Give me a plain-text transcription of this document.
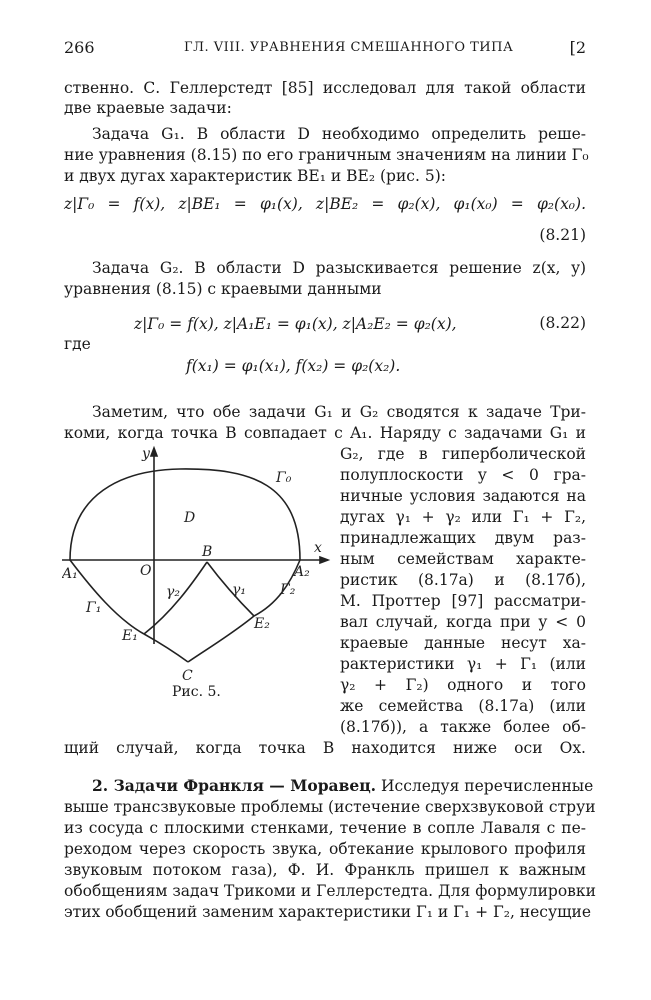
266	ГЛ. VIII. УРАВНЕНИЯ СМЕШАННОГО ТИПА	[2
ственно. С. Геллерстедт [85] исследовал для такой области
две краевые задачи:
Задача G₁. В области D необходимо определить реше-
ние уравнения (8.15) по его граничным значениям на линии Γ₀
и двух дугах характеристик BE₁ и BE₂ (рис. 5):
z|Γ₀ = f(x), z|BE₁ = φ₁(x), z|BE₂ = φ₂(x), φ₁(x₀) = φ₂(x₀).
(8.21)
Задача G₂. В области D разыскивается решение z(x, y)
уравнения (8.15) с краевыми данными
z|Γ₀ = f(x), z|A₁E₁ = φ₁(x), z|A₂E₂ = φ₂(x),	(8.22)
где
f(x₁) = φ₁(x₁), f(x₂) = φ₂(x₂).
Заметим, что обе задачи G₁ и G₂ сводятся к задаче Три-
коми, когда точка B совпадает с A₁. Наряду с задачами G₁ и
G₂, где в гиперболической
полуплоскости y < 0 гра-
ничные условия задаются на
дугах γ₁ + γ₂ или Γ₁ + Γ₂,
принадлежащих двум раз-
ным семействам характе-
ристик (8.17а) и (8.17б),
М. Проттер [97] рассматри-
вал случай, когда при y < 0
краевые данные несут ха-
рактеристики γ₁ + Γ₁ (или
γ₂ + Γ₂) одного и того
же семейства (8.17а) (или
(8.17б)), а также более об-
щий случай, когда точка B находится ниже оси Ox.
2. Задачи Франкля — Моравец. Исследуя перечисленные
выше трансзвуковые проблемы (истечение сверхзвуковой струи
из сосуда с плоскими стенками, течение в сопле Лаваля с пе-
реходом через скорость звука, обтекание крылового профиля
звуковым потоком газа), Ф. И. Франкль пришел к важным
обобщениям задач Трикоми и Геллерстедта. Для формулировки
этих обобщений заменим характеристики Γ₁ и Γ₁ + Γ₂, несущие
y
x
D
Γ₀
B
O
A₁	A₂
γ₂	γ₁
Γ₁
Γ₂
E₁
E₂
C
Рис. 5.
